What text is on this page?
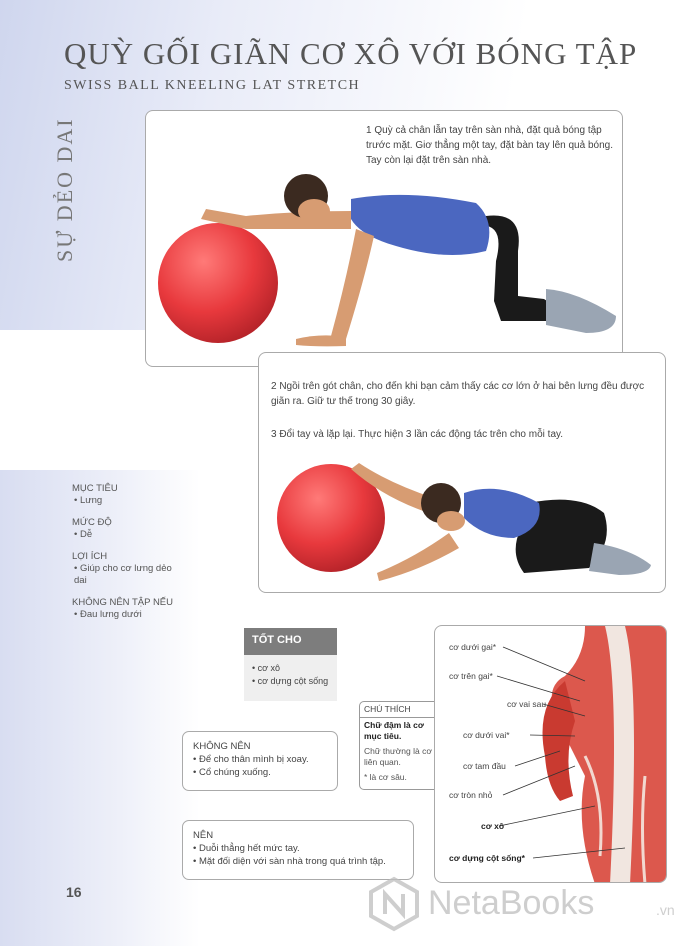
QUỲ GỐI GIÃN CƠ XÔ VỚI BÓNG TẬP
SWISS BALL KNEELING LAT STRETCH
SỰ DẺO DAI	1 Quỳ cả chân lẫn tay trên sàn nhà, đặt quả bóng tập trước mặt. Giơ thẳng một tay, đặt bàn tay lên quả bóng. Tay còn lại đặt trên sàn nhà.
2 Ngồi trên gót chân, cho đến khi bạn cảm thấy các cơ lớn ở hai bên lưng đều được giãn ra. Giữ tư thế trong 30 giây.
3 Đổi tay và lặp lại. Thực hiện 3 lần các động tác trên cho mỗi tay.
MỤC TIÊU
• Lưng
MỨC ĐỘ
• Dễ
LỢI ÍCH
• Giúp cho cơ lưng dẻo dai
KHÔNG NÊN TẬP NẾU
• Đau lưng dưới
TỐT CHO
• cơ xô
• cơ dựng cột sống
CHÚ THÍCH
Chữ đậm là cơ mục tiêu.
Chữ thường là cơ liên quan.
* là cơ sâu.
KHÔNG NÊN
• Để cho thân mình bị xoay.
• Cổ chúng xuống.
NÊN
• Duỗi thẳng hết mức tay.
• Mặt đối diện với sàn nhà trong quá trình tập.
cơ dưới gai*
cơ trên gai*
cơ vai sau
cơ dưới vai*
cơ tam đầu
cơ tròn nhỏ
cơ xô
cơ dựng cột sống*
16	NetaBooks	.vn
